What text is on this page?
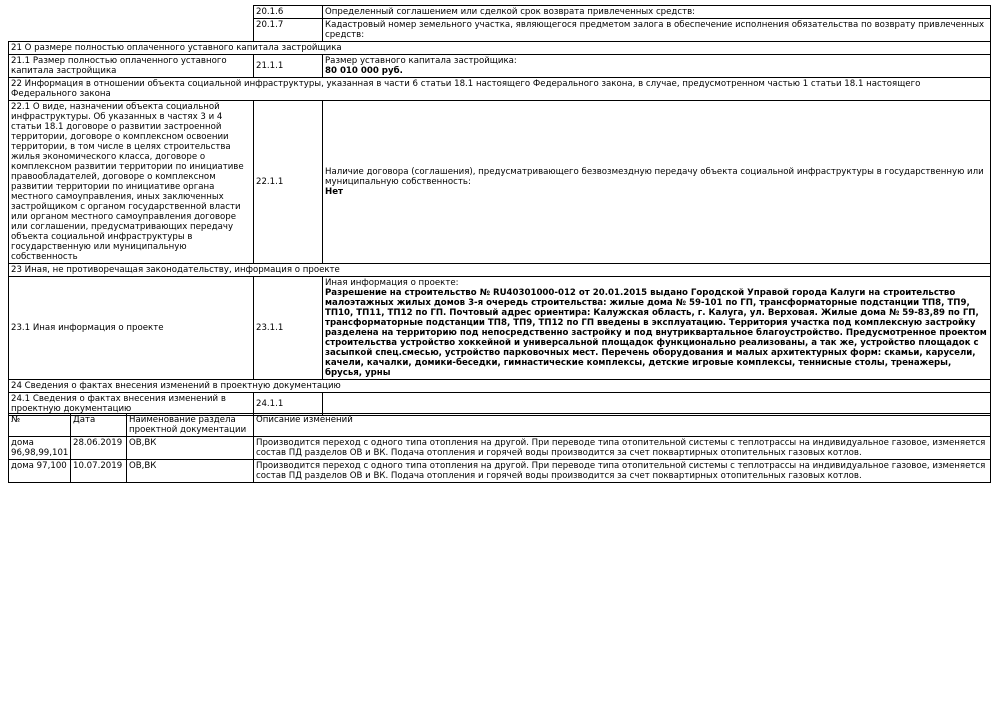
	20.1.6	Определенный соглашением или сделкой срок возврата привлеченных средств:
	20.1.7	Кадастровый номер земельного участка, являющегося предметом залога в обеспечение исполнения обязательства по возврату привлеченных средств:
21 О размере полностью оплаченного уставного капитала застройщика		
21.1 Размер полностью оплаченного уставного капитала застройщика	21.1.1	Размер уставного капитала застройщика:
80 010 000 руб.
22 Информация в отношении объекта социальной инфраструктуры, указанная в части 6 статьи 18.1 настоящего Федерального закона, в случае, предусмотренном частью 1 статьи 18.1 настоящего Федерального закона		
22.1 О виде, назначении объекта социальной инфраструктуры. Об указанных в частях 3 и 4 статьи 18.1 договоре о развитии застроенной территории, договоре о комплексном освоении территории, в том числе в целях строительства жилья экономического класса, договоре о комплексном развитии территории по инициативе правообладателей, договоре о комплексном развитии территории по инициативе органа местного самоуправления, иных заключенных застройщиком с органом государственной власти или органом местного самоуправления договоре или соглашении, предусматривающих передачу объекта социальной инфраструктуры в государственную или муниципальную собственность	22.1.1	Наличие договора (соглашения), предусматривающего безвозмездную передачу объекта социальной инфраструктуры в государственную или муниципальную собственность:
Нет
23 Иная, не противоречащая законодательству, информация о проекте		
23.1 Иная информация о проекте	23.1.1	Иная информация о проекте:
Разрешение на строительство № RU40301000-012 от 20.01.2015 выдано Городской Управой города Калуги на строительство малоэтажных жилых домов 3-я очередь строительства: жилые дома № 59-101 по ГП, трансформаторные подстанции ТП8, ТП9, ТП10, ТП11, ТП12 по ГП. Почтовый адрес ориентира: Калужская область, г. Калуга, ул. Верховая. Жилые дома № 59-83,89 по ГП, трансформаторные подстанции ТП8, ТП9, ТП12 по ГП введены в эксплуатацию. Территория участка под комплексную застройку разделена на территорию под непосредственно застройку и под внутриквартальное благоустройство. Предусмотренное проектом строительства устройство хоккейной и универсальной площадок функционально реализованы, а так же, устройство площадок с засыпкой спец.смесью, устройство парковочных мест. Перечень оборудования и малых архитектурных форм: скамьи, карусели, качели, качалки, домики-беседки, гимнастические комплексы, детские игровые комплексы, теннисные столы, тренажеры, брусья, урны
24 Сведения о фактах внесения изменений в проектную документацию		
24.1 Сведения о фактах внесения изменений в проектную документацию	24.1.1	
№	Дата	Наименование раздела проектной документации	Описание изменений
дома 96,98,99,101	28.06.2019	ОВ,ВК	Производится переход с одного типа отопления на другой. При переводе типа отопительной системы с теплотрассы на индивидуальное газовое, изменяется состав ПД разделов ОВ и ВК. Подача отопления и горячей воды производится за счет поквартирных отопительных газовых котлов.
дома 97,100	10.07.2019	ОВ,ВК	Производится переход с одного типа отопления на другой. При переводе типа отопительной системы с теплотрассы на индивидуальное газовое, изменяется состав ПД разделов ОВ и ВК. Подача отопления и горячей воды производится за счет поквартирных отопительных газовых котлов.
